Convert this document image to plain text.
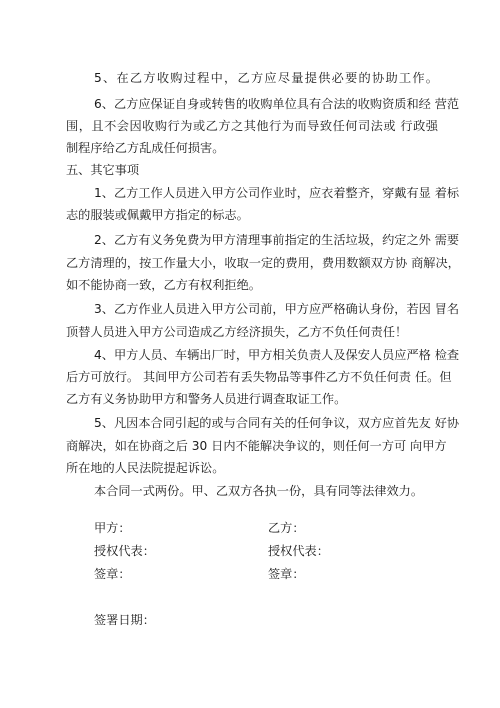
5、在乙方收购过程中，乙方应尽量提供必要的协助工作。
6、乙方应保证自身或转售的收购单位具有合法的收购资质和经 营范
围，且不会因收购行为或乙方之其他行为而导致任何司法或 行政强
制程序给乙方乱成任何损害。
五、其它事项
1、乙方工作人员进入甲方公司作业时，应衣着整齐，穿戴有显 着标
志的服装或佩戴甲方指定的标志。
2、乙方有义务免费为甲方清理事前指定的生活垃圾，约定之外 需要
乙方清理的，按工作量大小，收取一定的费用，费用数额双方协 商解决，
如不能协商一致，乙方有权利拒绝。
3、乙方作业人员进入甲方公司前，甲方应严格确认身份，若因 冒名
顶替人员进入甲方公司造成乙方经济损失，乙方不负任何责任！
4、甲方人员、车辆出厂时，甲方相关负责人及保安人员应严格 检查
后方可放行。 其间甲方公司若有丢失物品等事件乙方不负任何责 任。但
乙方有义务协助甲方和警务人员进行调查取证工作。
5、凡因本合同引起的或与合同有关的任何争议，双方应首先友 好协
商解决，如在协商之后 30 日内不能解决争议的，则任何一方可 向甲方
所在地的人民法院提起诉讼。
本合同一式两份。甲、乙双方各执一份，具有同等法律效力。
甲方：	乙方：
授权代表：	授权代表：
签章：	签章：
签署日期：
